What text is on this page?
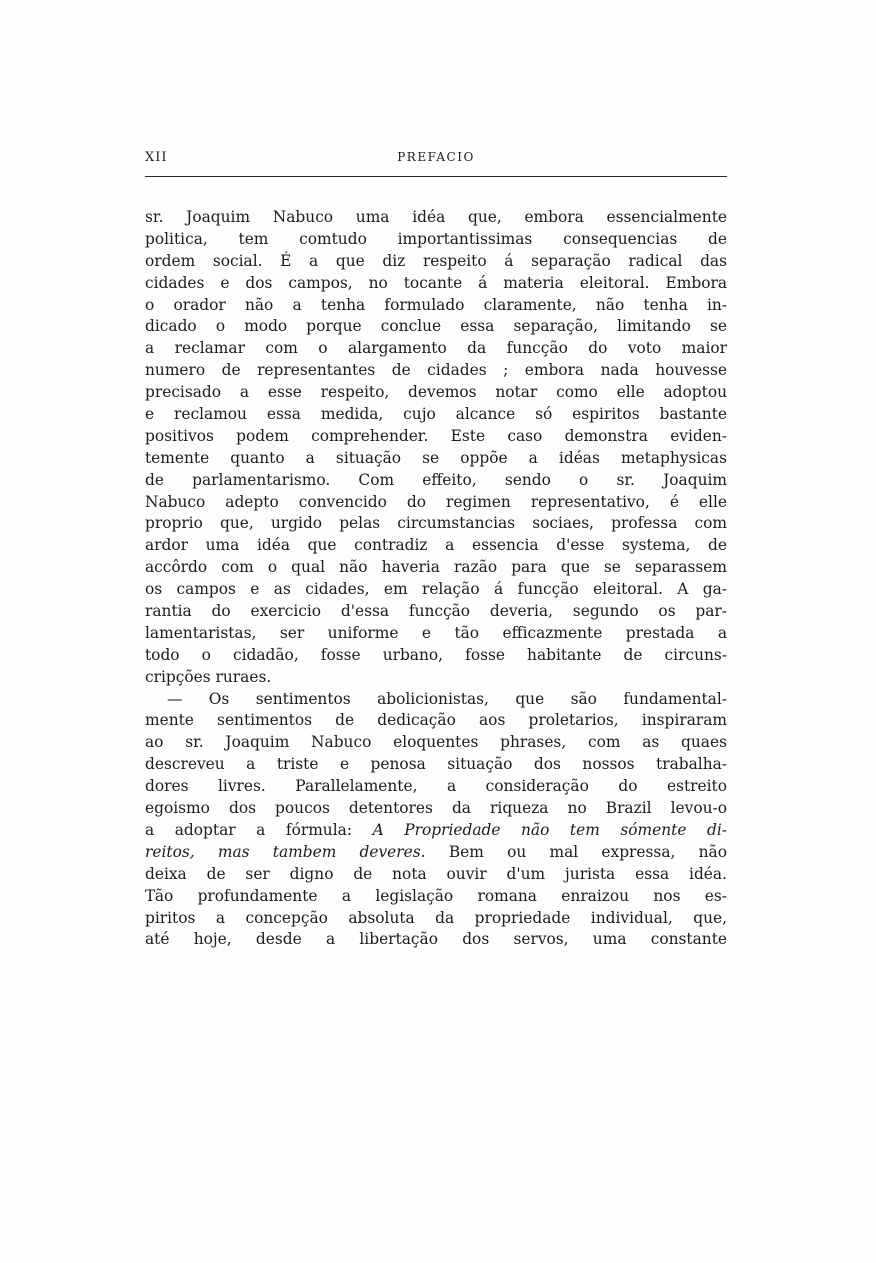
XII	PREFACIO
sr. Joaquim Nabuco uma idéa que, embora essencialmente
politica, tem comtudo importantissimas consequencias de
ordem social. É a que diz respeito á separação radical das
cidades e dos campos, no tocante á materia eleitoral. Embora
o orador não a tenha formulado claramente, não tenha in-
dicado o modo porque conclue essa separação, limitando se
a reclamar com o alargamento da funcção do voto maior
numero de representantes de cidades ; embora nada houvesse
precisado a esse respeito, devemos notar como elle adoptou
e reclamou essa medida, cujo alcance só espiritos bastante
positivos podem comprehender. Este caso demonstra eviden-
temente quanto a situação se oppõe a idéas metaphysicas
de parlamentarismo. Com effeito, sendo o sr. Joaquim
Nabuco adepto convencido do regimen representativo, é elle
proprio que, urgido pelas circumstancias sociaes, professa com
ardor uma idéa que contradiz a essencia d'esse systema, de
accôrdo com o qual não haveria razão para que se separassem
os campos e as cidades, em relação á funcção eleitoral. A ga-
rantia do exercicio d'essa funcção deveria, segundo os par-
lamentaristas, ser uniforme e tão efficazmente prestada a
todo o cidadão, fosse urbano, fosse habitante de circuns-
cripções ruraes.
— Os sentimentos abolicionistas, que são fundamental-
mente sentimentos de dedicação aos proletarios, inspiraram
ao sr. Joaquim Nabuco eloquentes phrases, com as quaes
descreveu a triste e penosa situação dos nossos trabalha-
dores livres. Parallelamente, a consideração do estreito
egoismo dos poucos detentores da riqueza no Brazil levou-o
a adoptar a fórmula: A Propriedade não tem sómente di-
reitos, mas tambem deveres. Bem ou mal expressa, não
deixa de ser digno de nota ouvir d'um jurista essa idéa.
Tão profundamente a legislação romana enraizou nos es-
piritos a concepção absoluta da propriedade individual, que,
até hoje, desde a libertação dos servos, uma constante
